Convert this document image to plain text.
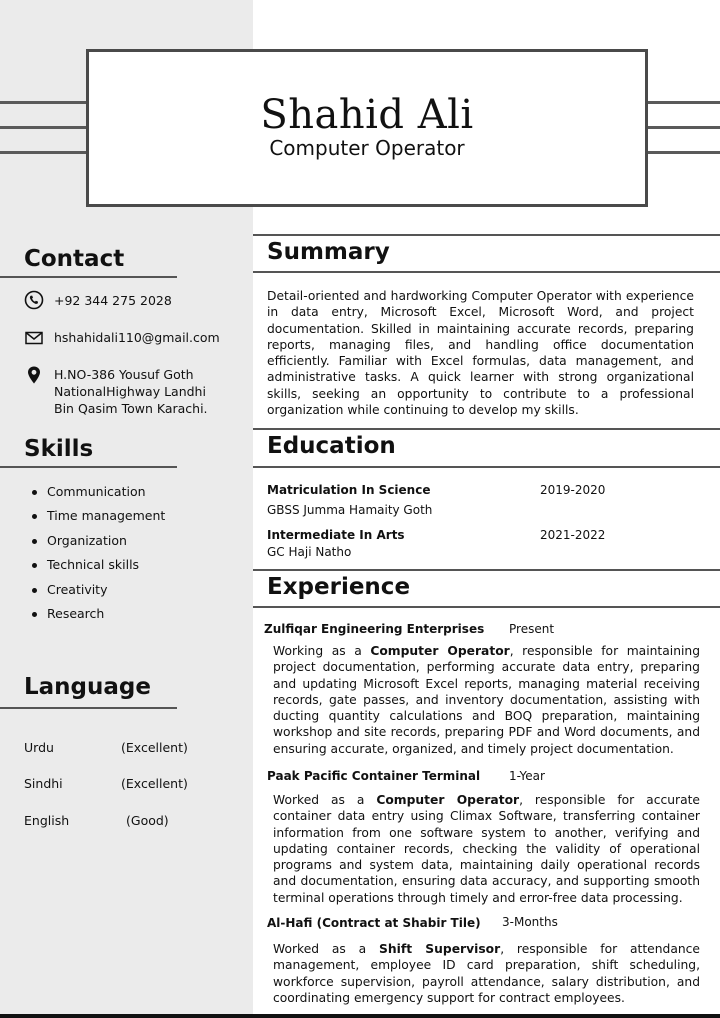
Shahid Ali
Computer Operator
Contact
+92 344 275 2028
hshahidali110@gmail.com
H.NO-386 Yousuf Goth
NationalHighway Landhi
Bin Qasim Town Karachi.
Skills
Communication
Time management
Organization
Technical skills
Creativity
Research
Language
Urdu	(Excellent)
Sindhi	(Excellent)
English	(Good)
Summary
Detail-oriented and hardworking Computer Operator with experience in data entry, Microsoft Excel, Microsoft Word, and project documentation. Skilled in maintaining accurate records, preparing reports, managing files, and handling office documentation efficiently. Familiar with Excel formulas, data management, and administrative tasks. A quick learner with strong organizational skills, seeking an opportunity to contribute to a professional organization while continuing to develop my skills.
Education
Matriculation In Science	2019-2020
GBSS Jumma Hamaity Goth
Intermediate In Arts	2021-2022
GC Haji Natho
Experience
Zulfiqar Engineering Enterprises Present
Working as a Computer Operator, responsible for maintaining project documentation, performing accurate data entry, preparing and updating Microsoft Excel reports, managing material receiving records, gate passes, and inventory documentation, assisting with ducting quantity calculations and BOQ preparation, maintaining workshop and site records, preparing PDF and Word documents, and ensuring accurate, organized, and timely project documentation.
Paak Pacific Container Terminal 1-Year
Worked as a Computer Operator, responsible for accurate container data entry using Climax Software, transferring container information from one software system to another, verifying and updating container records, checking the validity of operational programs and system data, maintaining daily operational records and documentation, ensuring data accuracy, and supporting smooth terminal operations through timely and error-free data processing.
Al-Hafi (Contract at Shabir Tile) 3-Months
Worked as a Shift Supervisor, responsible for attendance management, employee ID card preparation, shift scheduling, workforce supervision, payroll attendance, salary distribution, and coordinating emergency support for contract employees.
